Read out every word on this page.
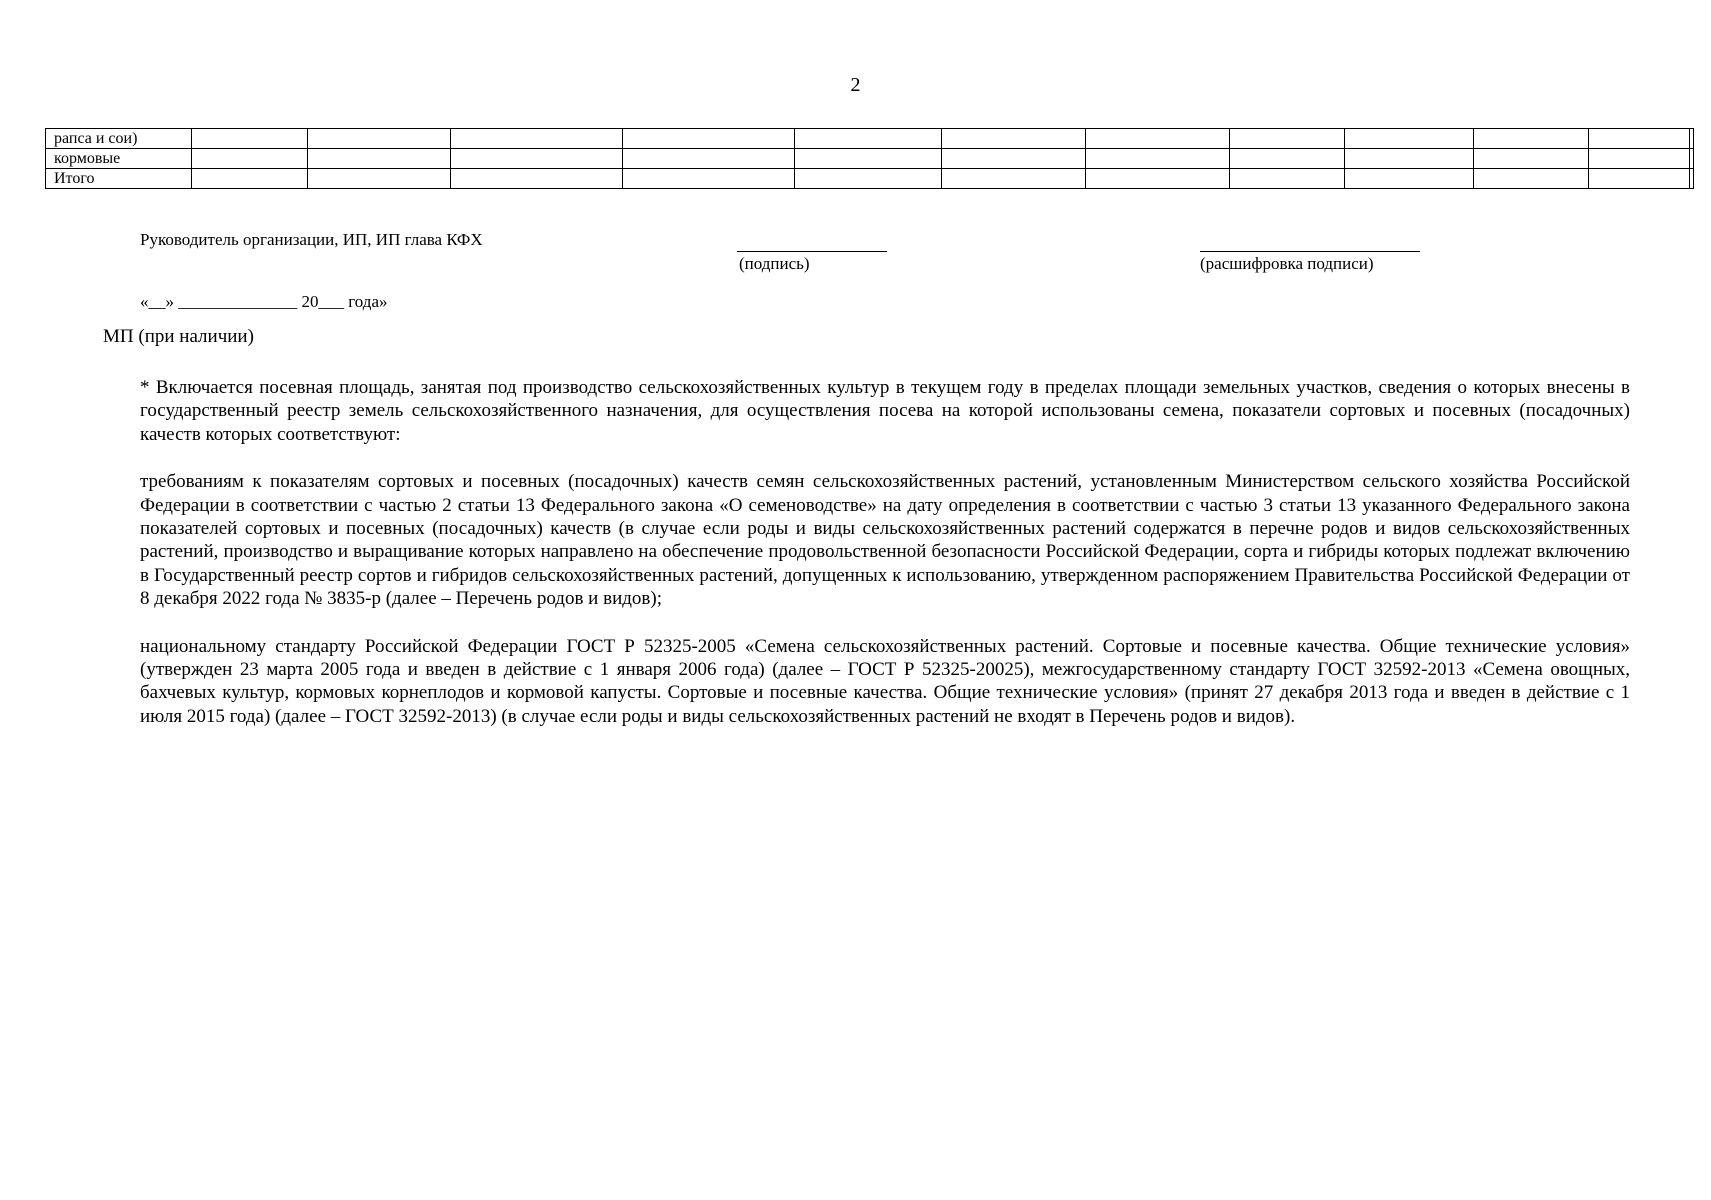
2
рапса и сои)												
кормовые												
Итого												
Руководитель организации, ИП, ИП глава КФХ
(подпись)	(расшифровка подписи)
«__» ______________ 20___ года»
МП (при наличии)

* Включается посевная площадь, занятая под производство сельскохозяйственных культур в текущем году в пределах площади земельных участков, сведения о которых внесены в государственный реестр земель сельскохозяйственного назначения, для осуществления посева на которой использованы семена, показатели сортовых и посевных (посадочных) качеств которых соответствуют:

требованиям к показателям сортовых и посевных (посадочных) качеств семян сельскохозяйственных растений, установленным Министерством сельского хозяйства Российской Федерации в соответствии с частью 2 статьи 13 Федерального закона «О семеноводстве» на дату определения в соответствии с частью 3 статьи 13 указанного Федерального закона показателей сортовых и посевных (посадочных) качеств (в случае если роды и виды сельскохозяйственных растений содержатся в перечне родов и видов сельскохозяйственных растений, производство и выращивание которых направлено на обеспечение продовольственной безопасности Российской Федерации, сорта и гибриды которых подлежат включению в Государственный реестр сортов и гибридов сельскохозяйственных растений, допущенных к использованию, утвержденном распоряжением Правительства Российской Федерации от 8 декабря 2022 года № 3835-р (далее – Перечень родов и видов);

национальному стандарту Российской Федерации ГОСТ Р 52325-2005 «Семена сельскохозяйственных растений. Сортовые и посевные качества. Общие технические условия» (утвержден 23 марта 2005 года и введен в действие с 1 января 2006 года) (далее – ГОСТ Р 52325-20025), межгосударственному стандарту ГОСТ 32592-2013 «Семена овощных, бахчевых культур, кормовых корнеплодов и кормовой капусты. Сортовые и посевные качества. Общие технические условия» (принят 27 декабря 2013 года и введен в действие с 1 июля 2015 года) (далее – ГОСТ 32592-2013) (в случае если роды и виды сельскохозяйственных растений не входят в Перечень родов и видов).
